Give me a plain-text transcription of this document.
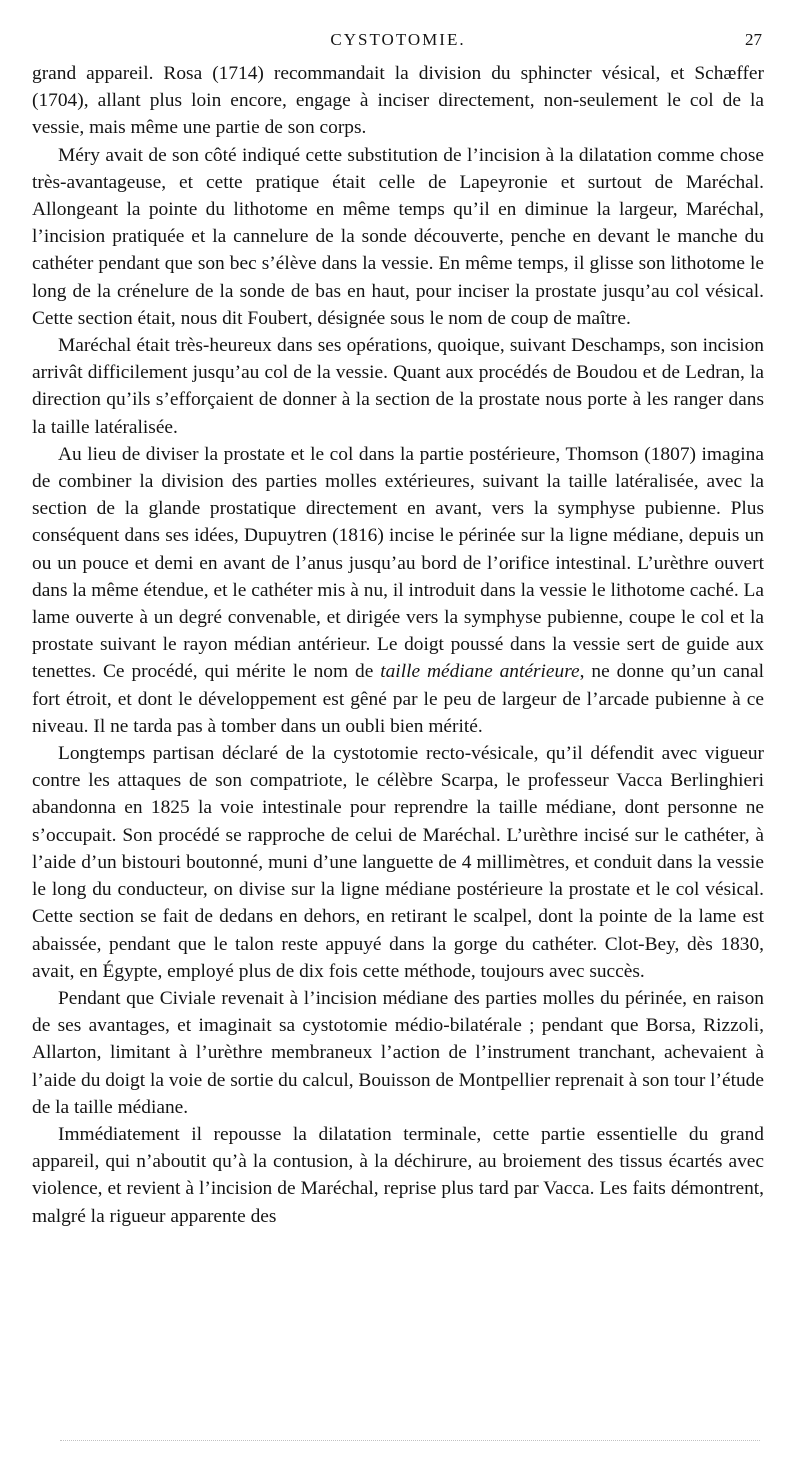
CYSTOTOMIE.	27

grand appareil. Rosa (1714) recommandait la division du sphincter vésical, et Schæffer (1704), allant plus loin encore, engage à inciser directement, non-seulement le col de la vessie, mais même une partie de son corps.

Méry avait de son côté indiqué cette substitution de l’incision à la dilatation comme chose très-avantageuse, et cette pratique était celle de Lapeyronie et surtout de Maréchal. Allongeant la pointe du lithotome en même temps qu’il en diminue la largeur, Maréchal, l’incision pratiquée et la cannelure de la sonde découverte, penche en devant le manche du cathéter pendant que son bec s’élève dans la vessie. En même temps, il glisse son lithotome le long de la crénelure de la sonde de bas en haut, pour inciser la prostate jusqu’au col vésical. Cette section était, nous dit Foubert, désignée sous le nom de coup de maître.

Maréchal était très-heureux dans ses opérations, quoique, suivant Deschamps, son incision arrivât difficilement jusqu’au col de la vessie. Quant aux procédés de Boudou et de Ledran, la direction qu’ils s’efforçaient de donner à la section de la prostate nous porte à les ranger dans la taille latéralisée.

Au lieu de diviser la prostate et le col dans la partie postérieure, Thomson (1807) imagina de combiner la division des parties molles extérieures, suivant la taille latéralisée, avec la section de la glande prostatique directement en avant, vers la symphyse pubienne. Plus conséquent dans ses idées, Dupuytren (1816) incise le périnée sur la ligne médiane, depuis un ou un pouce et demi en avant de l’anus jusqu’au bord de l’orifice intestinal. L’urèthre ouvert dans la même étendue, et le cathéter mis à nu, il introduit dans la vessie le lithotome caché. La lame ouverte à un degré convenable, et dirigée vers la symphyse pubienne, coupe le col et la prostate suivant le rayon médian antérieur. Le doigt poussé dans la vessie sert de guide aux tenettes. Ce procédé, qui mérite le nom de taille médiane antérieure, ne donne qu’un canal fort étroit, et dont le développement est gêné par le peu de largeur de l’arcade pubienne à ce niveau. Il ne tarda pas à tomber dans un oubli bien mérité.

Longtemps partisan déclaré de la cystotomie recto-vésicale, qu’il défendit avec vigueur contre les attaques de son compatriote, le célèbre Scarpa, le professeur Vacca Berlinghieri abandonna en 1825 la voie intestinale pour reprendre la taille médiane, dont personne ne s’occupait. Son procédé se rapproche de celui de Maréchal. L’urèthre incisé sur le cathéter, à l’aide d’un bistouri boutonné, muni d’une languette de 4 millimètres, et conduit dans la vessie le long du conducteur, on divise sur la ligne médiane postérieure la prostate et le col vésical. Cette section se fait de dedans en dehors, en retirant le scalpel, dont la pointe de la lame est abaissée, pendant que le talon reste appuyé dans la gorge du cathéter. Clot-Bey, dès 1830, avait, en Égypte, employé plus de dix fois cette méthode, toujours avec succès.

Pendant que Civiale revenait à l’incision médiane des parties molles du périnée, en raison de ses avantages, et imaginait sa cystotomie médio-bilatérale ; pendant que Borsa, Rizzoli, Allarton, limitant à l’urèthre membraneux l’action de l’instrument tranchant, achevaient à l’aide du doigt la voie de sortie du calcul, Bouisson de Montpellier reprenait à son tour l’étude de la taille médiane.

Immédiatement il repousse la dilatation terminale, cette partie essentielle du grand appareil, qui n’aboutit qu’à la contusion, à la déchirure, au broiement des tissus écartés avec violence, et revient à l’incision de Maréchal, reprise plus tard par Vacca. Les faits démontrent, malgré la rigueur apparente des
